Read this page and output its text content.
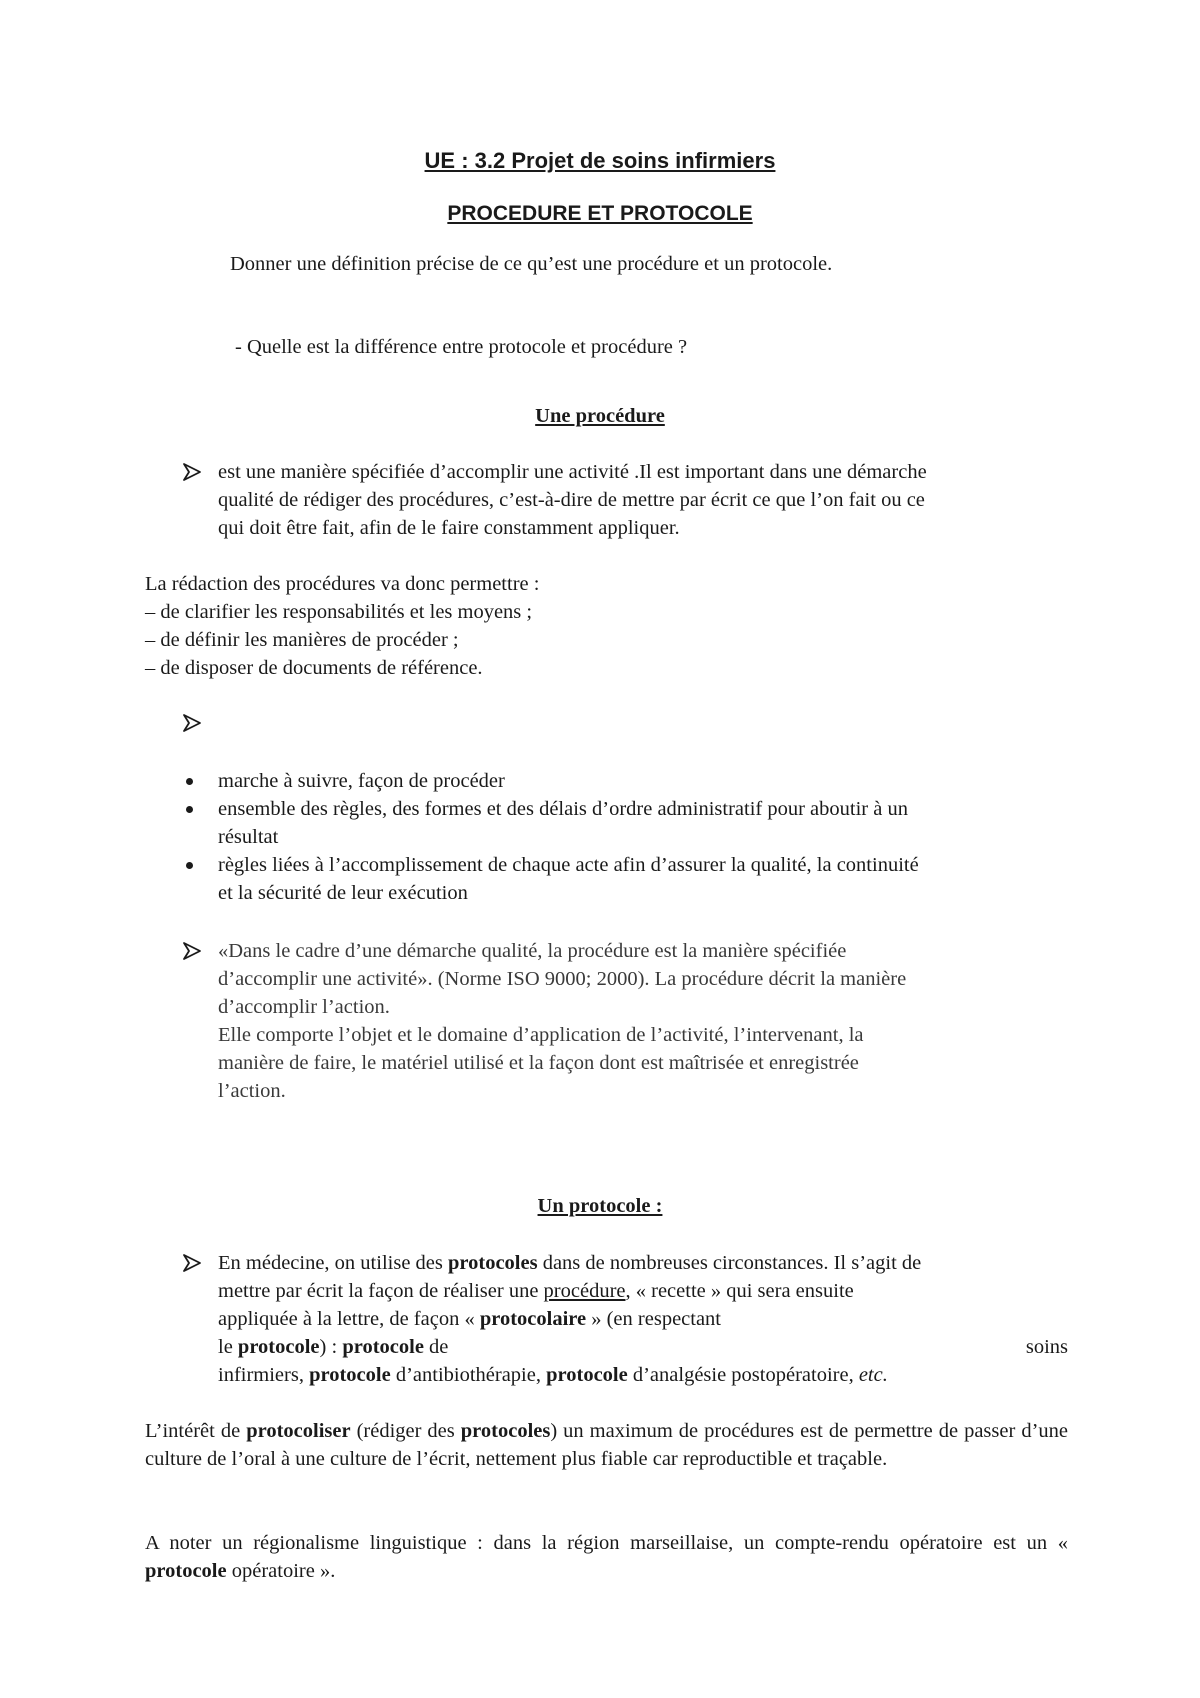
UE : 3.2 Projet de soins infirmiers
PROCEDURE ET PROTOCOLE
Donner une définition précise de ce qu’est une procédure et un protocole.
- Quelle est la différence entre protocole et procédure ?
Une procédure
est une manière spécifiée d’accomplir une activité .Il est important dans une démarche
qualité de rédiger des procédures, c’est-à-dire de mettre par écrit ce que l’on fait ou ce
qui doit être fait, afin de le faire constamment appliquer.
La rédaction des procédures va donc permettre :
– de clarifier les responsabilités et les moyens ;
– de définir les manières de procéder ;
– de disposer de documents de référence.
marche à suivre, façon de procéder
ensemble des règles, des formes et des délais d’ordre administratif pour aboutir à un
résultat
règles liées à l’accomplissement de chaque acte afin d’assurer la qualité, la continuité
et la sécurité de leur exécution
«Dans le cadre d’une démarche qualité, la procédure est la manière spécifiée
d’accomplir une activité». (Norme ISO 9000; 2000). La procédure décrit la manière
d’accomplir l’action.
Elle comporte l’objet et le domaine d’application de l’activité, l’intervenant, la
manière de faire, le matériel utilisé et la façon dont est maîtrisée et enregistrée
l’action.
Un protocole :
En médecine, on utilise des protocoles dans de nombreuses circonstances. Il s’agit de
mettre par écrit la façon de réaliser une procédure, « recette » qui sera ensuite
appliquée à la lettre, de façon « protocolaire » (en respectant
le protocole) : protocole de	soins
infirmiers, protocole d’antibiothérapie, protocole d’analgésie postopératoire, etc.
L’intérêt de protocoliser (rédiger des protocoles) un maximum de procédures est de permettre de passer d’une culture de l’oral à une culture de l’écrit, nettement plus fiable car reproductible et traçable.
A noter un régionalisme linguistique : dans la région marseillaise, un compte-rendu opératoire est un « protocole opératoire ».
